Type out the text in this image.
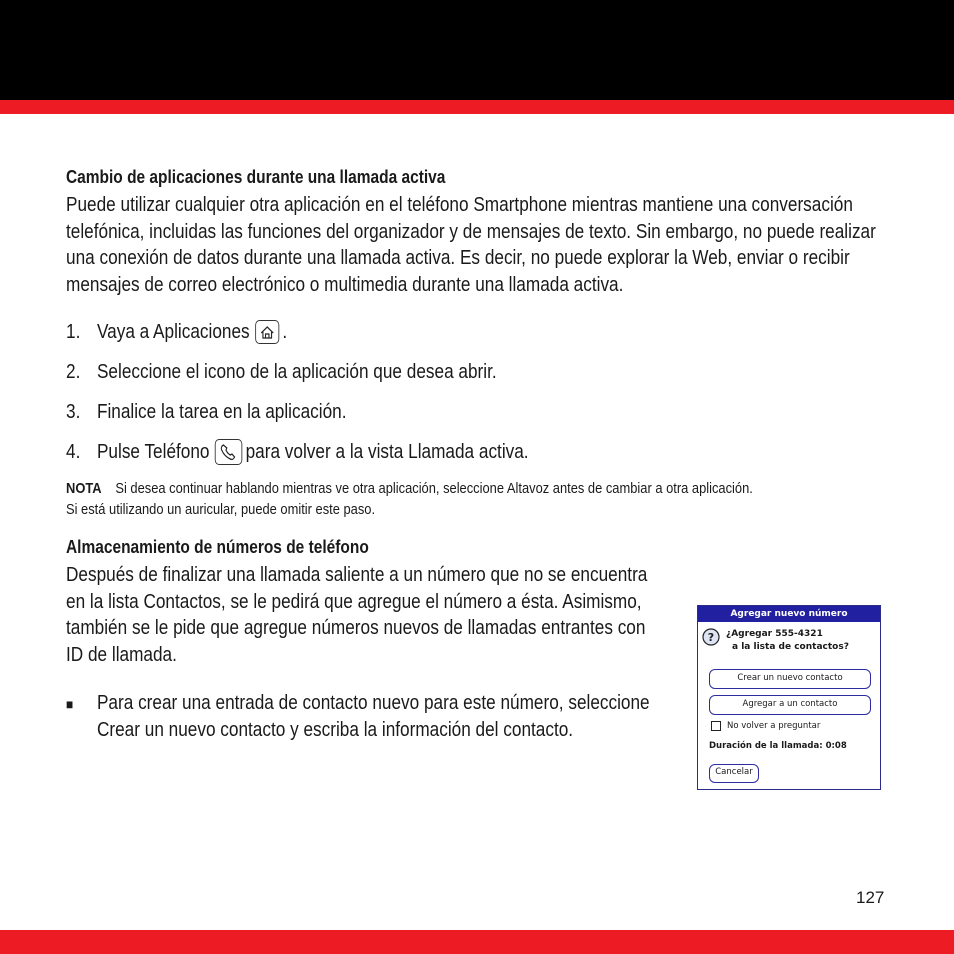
Cambio de aplicaciones durante una llamada activa

Puede utilizar cualquier otra aplicación en el teléfono Smartphone mientras mantiene una conversación telefónica, incluidas las funciones del organizador y de mensajes de texto. Sin embargo, no puede realizar una conexión de datos durante una llamada activa. Es decir, no puede explorar la Web, enviar o recibir mensajes de correo electrónico o multimedia durante una llamada activa.

1. Vaya a Aplicaciones .
2. Seleccione el icono de la aplicación que desea abrir.
3. Finalice la tarea en la aplicación.
4. Pulse Teléfono para volver a la vista Llamada activa.
NOTA Si desea continuar hablando mientras ve otra aplicación, seleccione Altavoz antes de cambiar a otra aplicación.
Si está utilizando un auricular, puede omitir este paso.
Almacenamiento de números de teléfono

Después de finalizar una llamada saliente a un número que no se encuentra en la lista Contactos, se le pedirá que agregue el número a ésta. Asimismo, también se le pide que agregue números nuevos de llamadas entrantes con ID de llamada.

■	Para crear una entrada de contacto nuevo para este número, seleccione Crear un nuevo contacto y escriba la información del contacto.
Agregar nuevo número
? ¿Agregar 555-4321
a la lista de contactos?
Crear un nuevo contacto
Agregar a un contacto
No volver a preguntar
Duración de la llamada: 0:08
Cancelar
127
